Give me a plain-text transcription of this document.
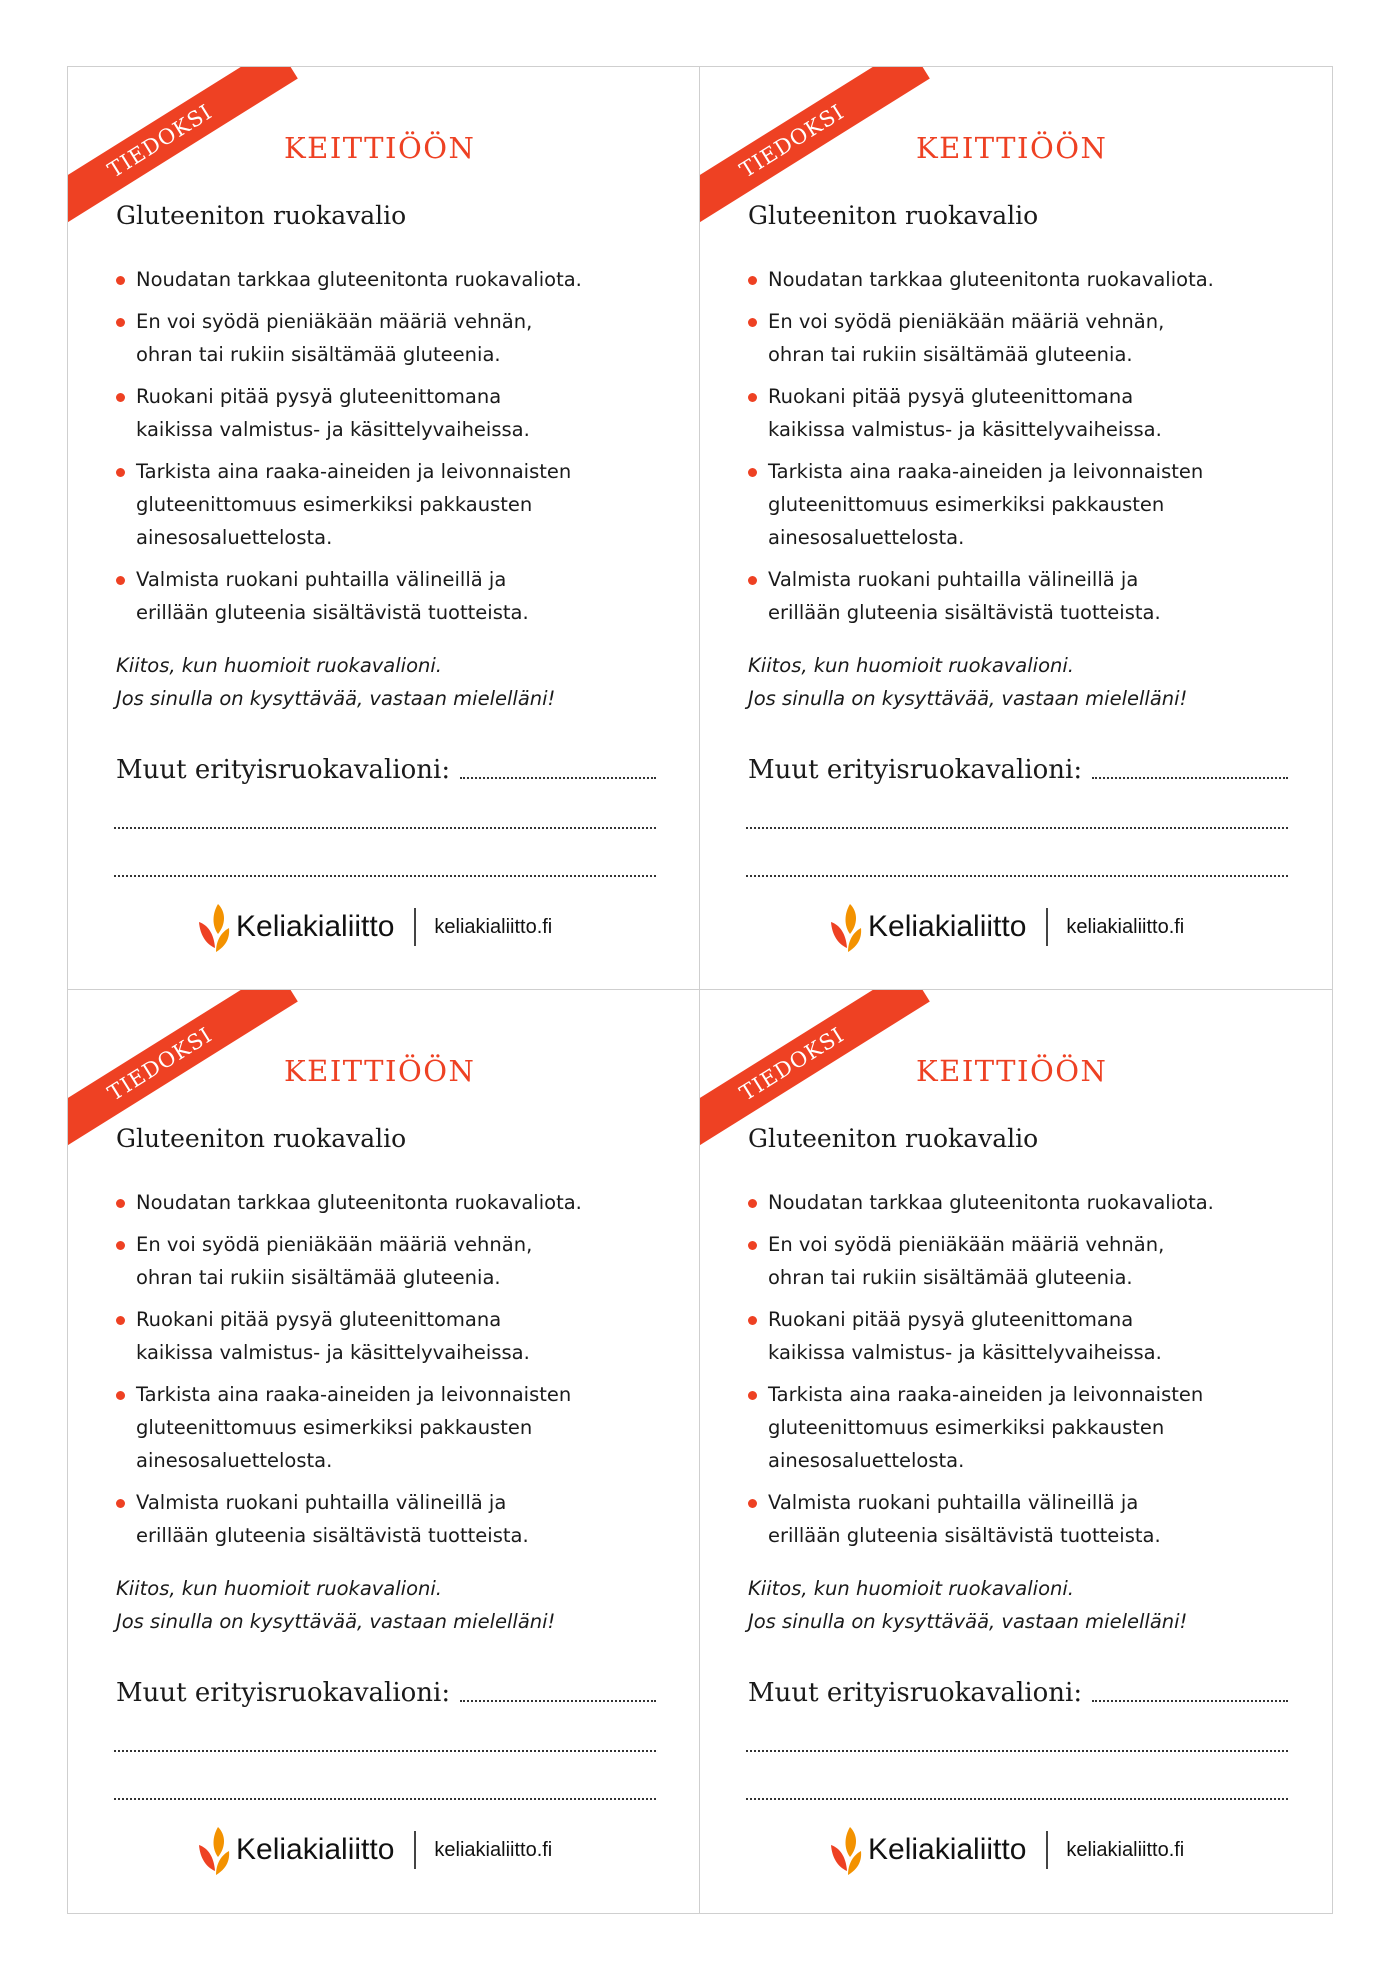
TIEDOKSI	KEITTIÖÖN
Gluteeniton ruokavalio
Noudatan tarkkaa gluteenitonta ruokavaliota.
En voi syödä pieniäkään määriä vehnän,
ohran tai rukiin sisältämää gluteenia.
Ruokani pitää pysyä gluteenittomana
kaikissa valmistus- ja käsittelyvaiheissa.
Tarkista aina raaka-aineiden ja leivonnaisten
gluteenittomuus esimerkiksi pakkausten
ainesosaluettelosta.
Valmista ruokani puhtailla välineillä ja
erillään gluteenia sisältävistä tuotteista.
Kiitos, kun huomioit ruokavalioni.
Jos sinulla on kysyttävää, vastaan mielelläni!
Muut erityisruokavalioni:
Keliakialiitto keliakialiitto.fi
TIEDOKSI	KEITTIÖÖN
Gluteeniton ruokavalio
Noudatan tarkkaa gluteenitonta ruokavaliota.
En voi syödä pieniäkään määriä vehnän,
ohran tai rukiin sisältämää gluteenia.
Ruokani pitää pysyä gluteenittomana
kaikissa valmistus- ja käsittelyvaiheissa.
Tarkista aina raaka-aineiden ja leivonnaisten
gluteenittomuus esimerkiksi pakkausten
ainesosaluettelosta.
Valmista ruokani puhtailla välineillä ja
erillään gluteenia sisältävistä tuotteista.
Kiitos, kun huomioit ruokavalioni.
Jos sinulla on kysyttävää, vastaan mielelläni!
Muut erityisruokavalioni:
Keliakialiitto keliakialiitto.fi
TIEDOKSI	KEITTIÖÖN
Gluteeniton ruokavalio
Noudatan tarkkaa gluteenitonta ruokavaliota.
En voi syödä pieniäkään määriä vehnän,
ohran tai rukiin sisältämää gluteenia.
Ruokani pitää pysyä gluteenittomana
kaikissa valmistus- ja käsittelyvaiheissa.
Tarkista aina raaka-aineiden ja leivonnaisten
gluteenittomuus esimerkiksi pakkausten
ainesosaluettelosta.
Valmista ruokani puhtailla välineillä ja
erillään gluteenia sisältävistä tuotteista.
Kiitos, kun huomioit ruokavalioni.
Jos sinulla on kysyttävää, vastaan mielelläni!
Muut erityisruokavalioni:
Keliakialiitto keliakialiitto.fi
TIEDOKSI	KEITTIÖÖN
Gluteeniton ruokavalio
Noudatan tarkkaa gluteenitonta ruokavaliota.
En voi syödä pieniäkään määriä vehnän,
ohran tai rukiin sisältämää gluteenia.
Ruokani pitää pysyä gluteenittomana
kaikissa valmistus- ja käsittelyvaiheissa.
Tarkista aina raaka-aineiden ja leivonnaisten
gluteenittomuus esimerkiksi pakkausten
ainesosaluettelosta.
Valmista ruokani puhtailla välineillä ja
erillään gluteenia sisältävistä tuotteista.
Kiitos, kun huomioit ruokavalioni.
Jos sinulla on kysyttävää, vastaan mielelläni!
Muut erityisruokavalioni:
Keliakialiitto keliakialiitto.fi
